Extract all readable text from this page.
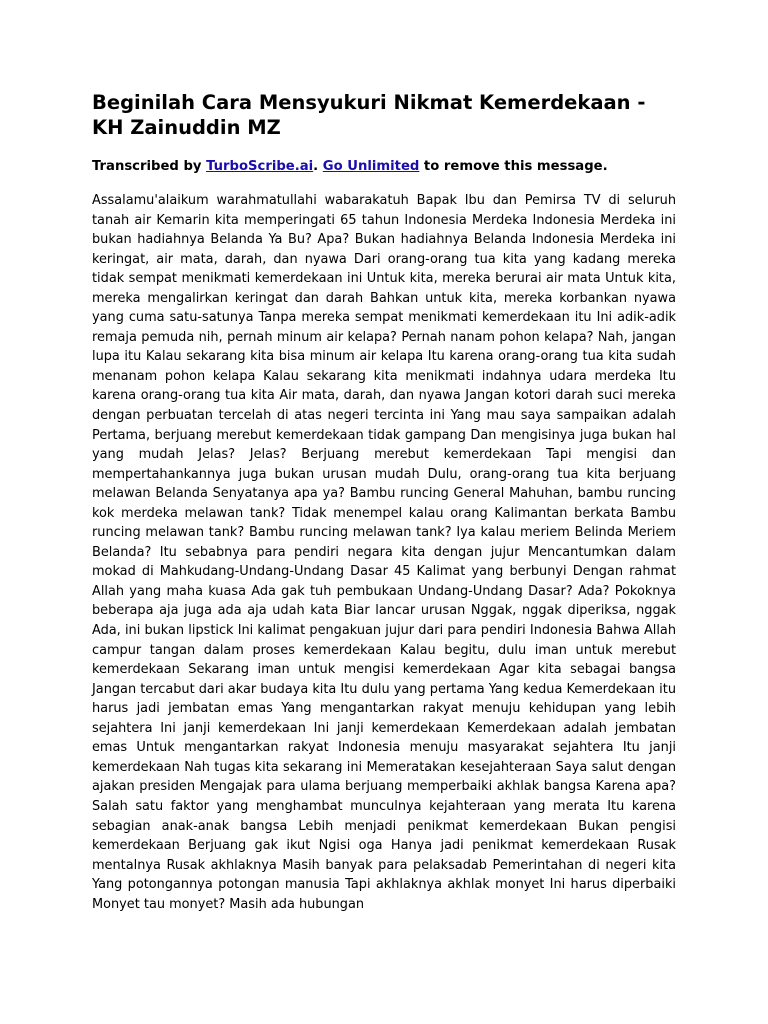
Beginilah Cara Mensyukuri Nikmat Kemerdekaan - KH Zainuddin MZ

Transcribed by TurboScribe.ai. Go Unlimited to remove this message.

Assalamu'alaikum warahmatullahi wabarakatuh Bapak Ibu dan Pemirsa TV di seluruh tanah air Kemarin kita memperingati 65 tahun Indonesia Merdeka Indonesia Merdeka ini bukan hadiahnya Belanda Ya Bu? Apa? Bukan hadiahnya Belanda Indonesia Merdeka ini keringat, air mata, darah, dan nyawa Dari orang-orang tua kita yang kadang mereka tidak sempat menikmati kemerdekaan ini Untuk kita, mereka berurai air mata Untuk kita, mereka mengalirkan keringat dan darah Bahkan untuk kita, mereka korbankan nyawa yang cuma satu-satunya Tanpa mereka sempat menikmati kemerdekaan itu Ini adik-adik remaja pemuda nih, pernah minum air kelapa? Pernah nanam pohon kelapa? Nah, jangan lupa itu Kalau sekarang kita bisa minum air kelapa Itu karena orang-orang tua kita sudah menanam pohon kelapa Kalau sekarang kita menikmati indahnya udara merdeka Itu karena orang-orang tua kita Air mata, darah, dan nyawa Jangan kotori darah suci mereka dengan perbuatan tercelah di atas negeri tercinta ini Yang mau saya sampaikan adalah Pertama, berjuang merebut kemerdekaan tidak gampang Dan mengisinya juga bukan hal yang mudah Jelas? Jelas? Berjuang merebut kemerdekaan Tapi mengisi dan mempertahankannya juga bukan urusan mudah Dulu, orang-orang tua kita berjuang melawan Belanda Senyatanya apa ya? Bambu runcing General Mahuhan, bambu runcing kok merdeka melawan tank? Tidak menempel kalau orang Kalimantan berkata Bambu runcing melawan tank? Bambu runcing melawan tank? Iya kalau meriem Belinda Meriem Belanda? Itu sebabnya para pendiri negara kita dengan jujur Mencantumkan dalam mokad di Mahkudang-Undang-Undang Dasar 45 Kalimat yang berbunyi Dengan rahmat Allah yang maha kuasa Ada gak tuh pembukaan Undang-Undang Dasar? Ada? Pokoknya beberapa aja juga ada aja udah kata Biar lancar urusan Nggak, nggak diperiksa, nggak Ada, ini bukan lipstick Ini kalimat pengakuan jujur dari para pendiri Indonesia Bahwa Allah campur tangan dalam proses kemerdekaan Kalau begitu, dulu iman untuk merebut kemerdekaan Sekarang iman untuk mengisi kemerdekaan Agar kita sebagai bangsa Jangan tercabut dari akar budaya kita Itu dulu yang pertama Yang kedua Kemerdekaan itu harus jadi jembatan emas Yang mengantarkan rakyat menuju kehidupan yang lebih sejahtera Ini janji kemerdekaan Ini janji kemerdekaan Kemerdekaan adalah jembatan emas Untuk mengantarkan rakyat Indonesia menuju masyarakat sejahtera Itu janji kemerdekaan Nah tugas kita sekarang ini Memeratakan kesejahteraan Saya salut dengan ajakan presiden Mengajak para ulama berjuang memperbaiki akhlak bangsa Karena apa? Salah satu faktor yang menghambat munculnya kejahteraan yang merata Itu karena sebagian anak-anak bangsa Lebih menjadi penikmat kemerdekaan Bukan pengisi kemerdekaan Berjuang gak ikut Ngisi oga Hanya jadi penikmat kemerdekaan Rusak mentalnya Rusak akhlaknya Masih banyak para pelaksadab Pemerintahan di negeri kita Yang potongannya potongan manusia Tapi akhlaknya akhlak monyet Ini harus diperbaiki Monyet tau monyet? Masih ada hubungan
